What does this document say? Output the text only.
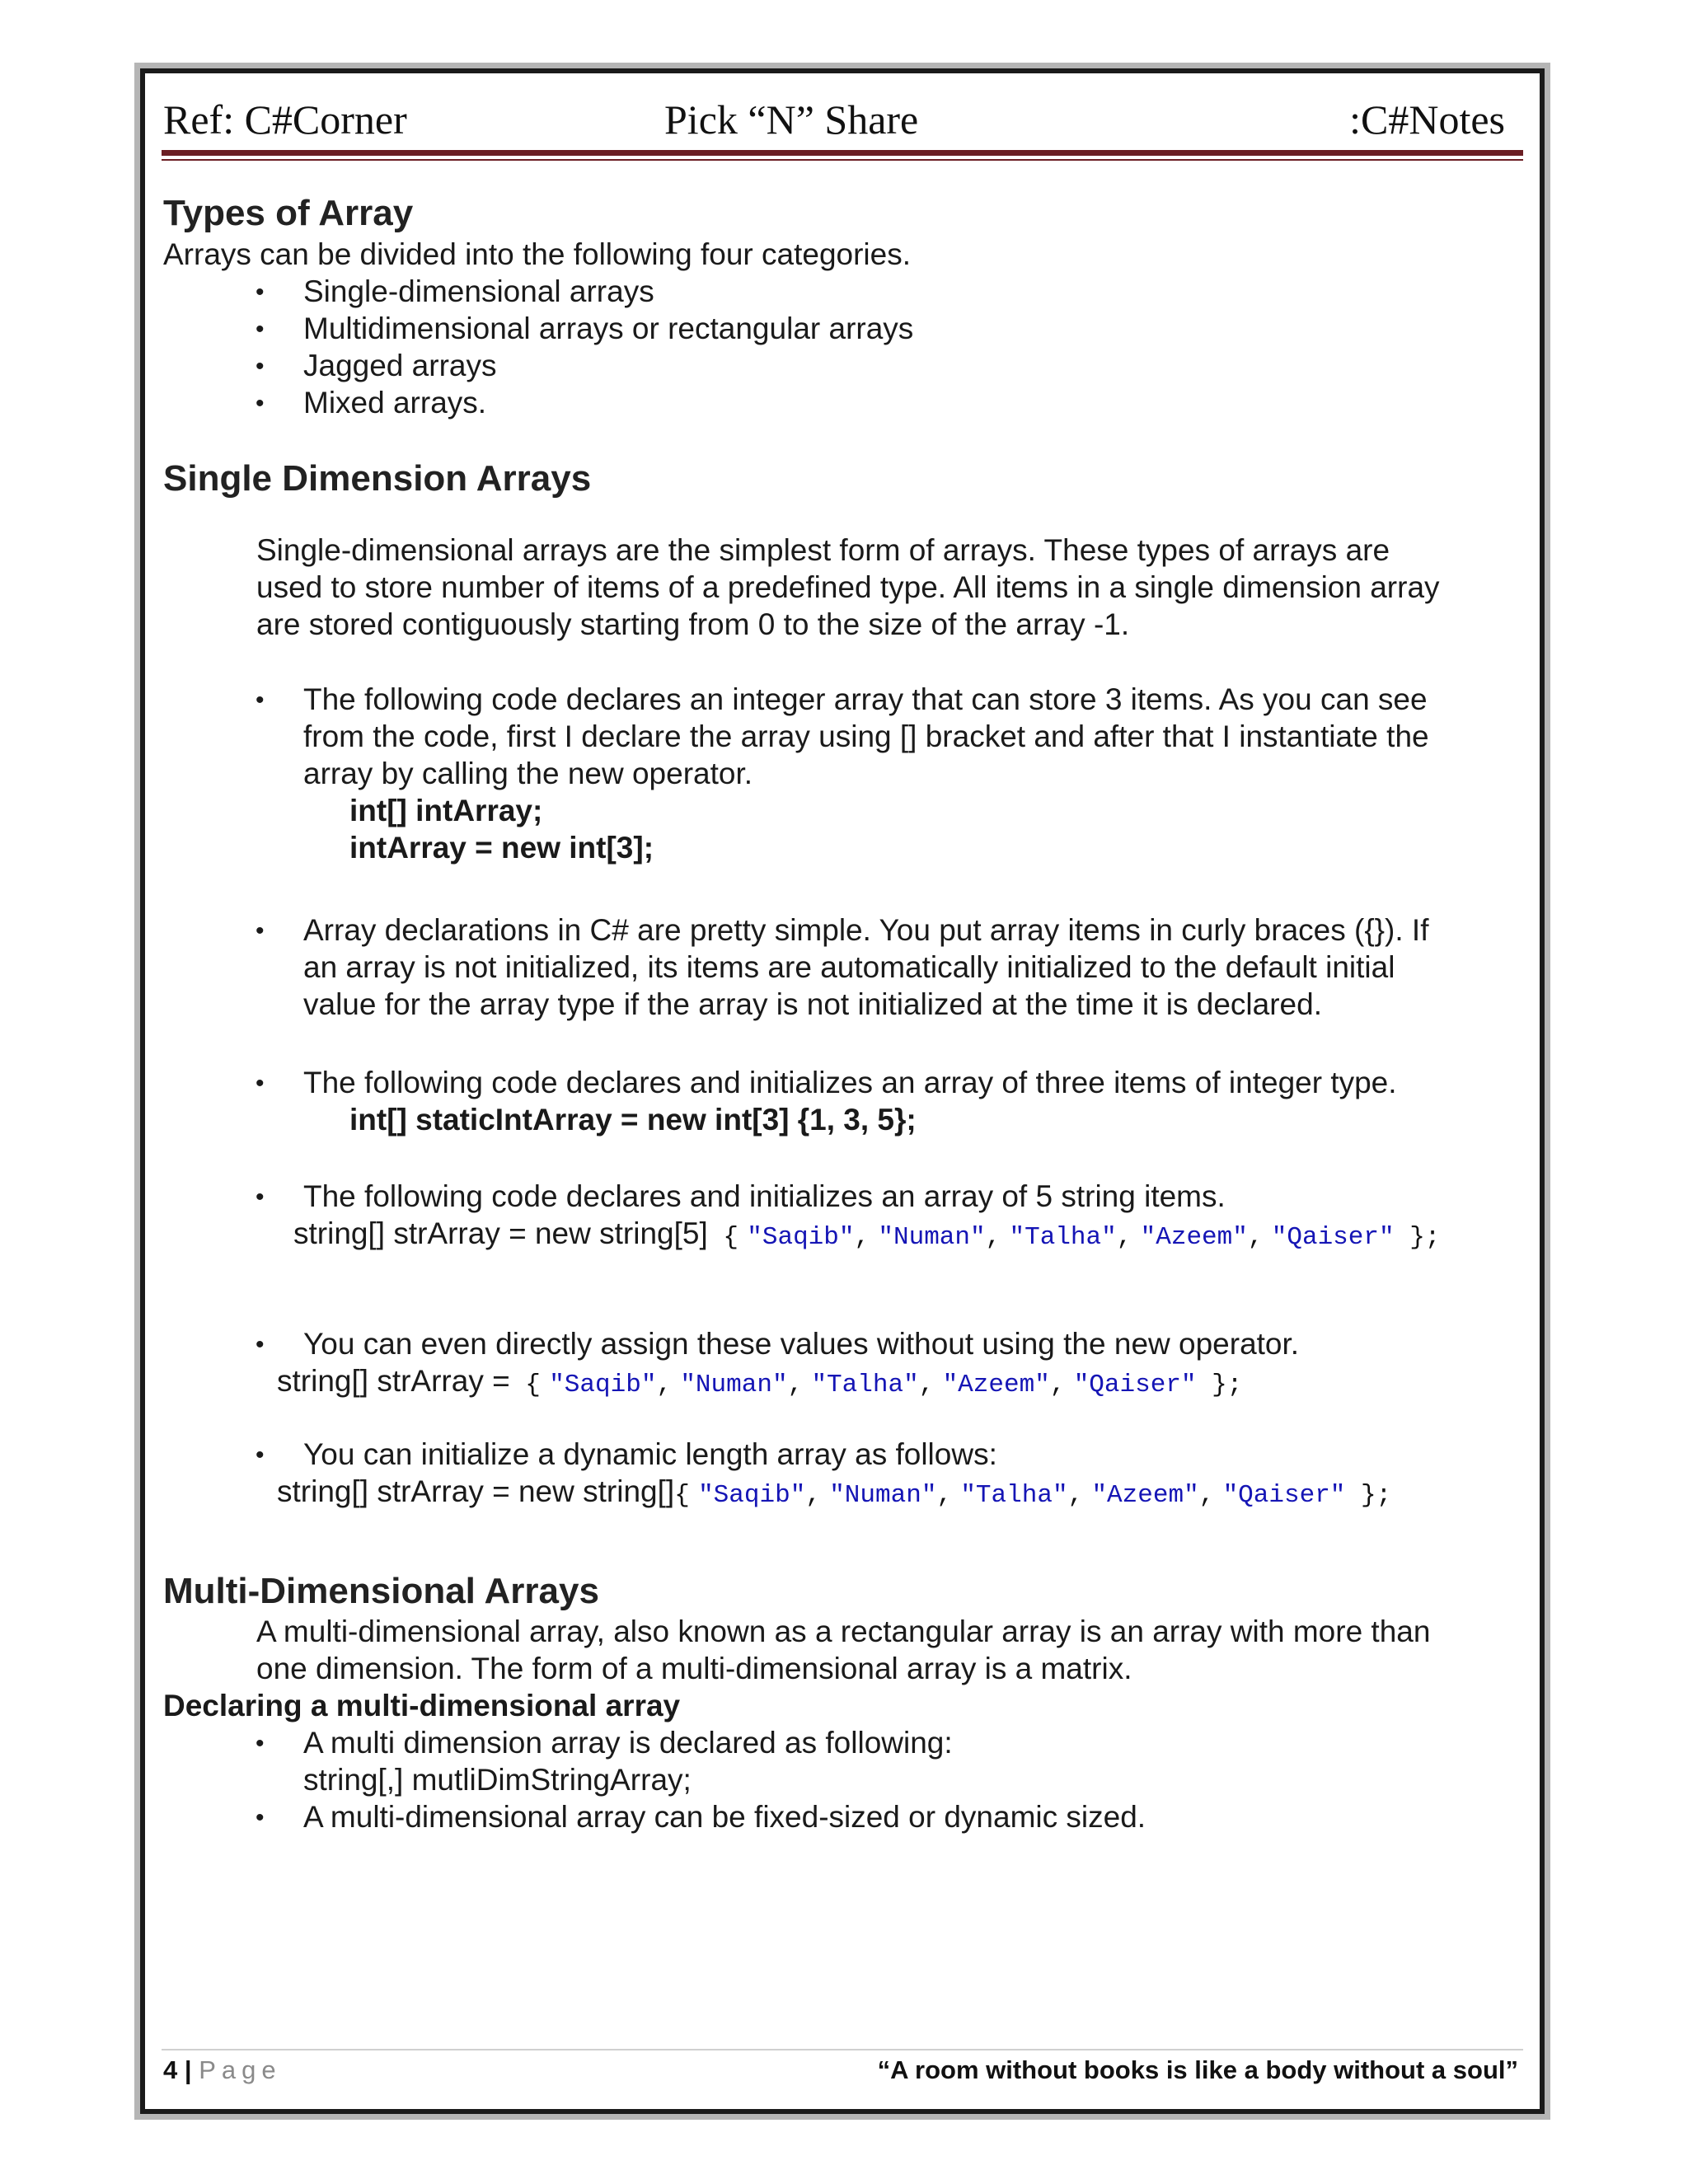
Ref: C#Corner	Pick “N” Share	:C#Notes
Types of Array
Arrays can be divided into the following four categories.
• Single-dimensional arrays
• Multidimensional arrays or rectangular arrays
• Jagged arrays
• Mixed arrays.
Single Dimension Arrays
Single-dimensional arrays are the simplest form of arrays. These types of arrays are
used to store number of items of a predefined type. All items in a single dimension array
are stored contiguously starting from 0 to the size of the array -1.
• The following code declares an integer array that can store 3 items. As you can see
from the code, first I declare the array using [] bracket and after that I instantiate the
array by calling the new operator.
int[] intArray;
intArray = new int[3];
• Array declarations in C# are pretty simple. You put array items in curly braces ({}). If
an array is not initialized, its items are automatically initialized to the default initial
value for the array type if the array is not initialized at the time it is declared.
• The following code declares and initializes an array of three items of integer type.
int[] staticIntArray = new int[3] {1, 3, 5};
• The following code declares and initializes an array of 5 string items.
string[] strArray = new string[5] { "Saqib", "Numan", "Talha", "Azeem", "Qaiser" };
• You can even directly assign these values without using the new operator.
string[] strArray = { "Saqib", "Numan", "Talha", "Azeem", "Qaiser" };
• You can initialize a dynamic length array as follows:
string[] strArray = new string[]{ "Saqib", "Numan", "Talha", "Azeem", "Qaiser" };
Multi-Dimensional Arrays
A multi-dimensional array, also known as a rectangular array is an array with more than
one dimension. The form of a multi-dimensional array is a matrix.
Declaring a multi-dimensional array
• A multi dimension array is declared as following:
string[,] mutliDimStringArray;
• A multi-dimensional array can be fixed-sized or dynamic sized.
4 | Page	“A room without books is like a body without a soul”
